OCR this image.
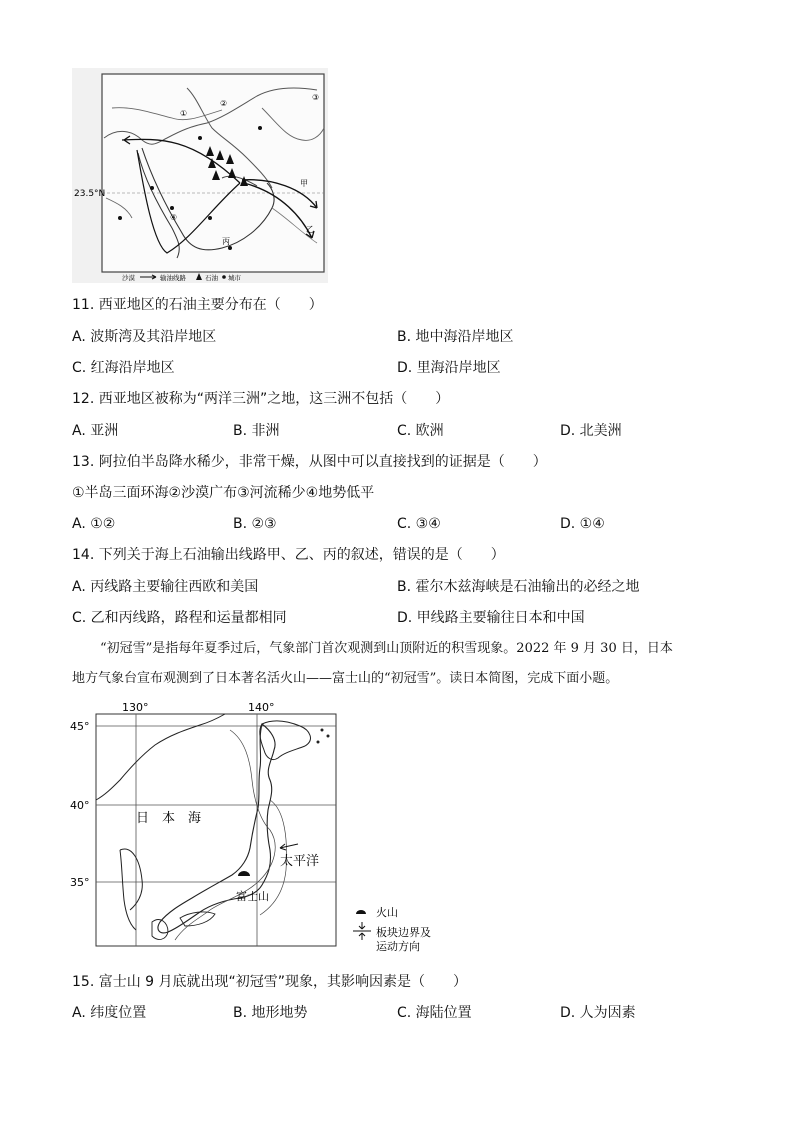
①
②
③
④
甲
乙
丙
23.5°N
沙漠	输油线路	石油 城市
11. 西亚地区的石油主要分布在（　　）
A. 波斯湾及其沿岸地区	B. 地中海沿岸地区
C. 红海沿岸地区	D. 里海沿岸地区
12. 西亚地区被称为“两洋三洲”之地，这三洲不包括（　　）
A. 亚洲	B. 非洲	C. 欧洲	D. 北美洲
13. 阿拉伯半岛降水稀少，非常干燥，从图中可以直接找到的证据是（　　）
①半岛三面环海②沙漠广布③河流稀少④地势低平
A. ①②	B. ②③	C. ③④	D. ①④
14. 下列关于海上石油输出线路甲、乙、丙的叙述，错误的是（　　）
A. 丙线路主要输往西欧和美国	B. 霍尔木兹海峡是石油输出的必经之地
C. 乙和丙线路，路程和运量都相同	D. 甲线路主要输往日本和中国
“初冠雪”是指每年夏季过后，气象部门首次观测到山顶附近的积雪现象。2022 年 9 月 30 日，日本
地方气象台宣布观测到了日本著名活火山——富士山的“初冠雪”。读日本简图，完成下面小题。
130°	140°
45°
40°
35°
日　本　海
太平洋
富士山
火山
板块边界及
运动方向
15. 富士山 9 月底就出现“初冠雪”现象，其影响因素是（　　）
A. 纬度位置	B. 地形地势	C. 海陆位置	D. 人为因素
